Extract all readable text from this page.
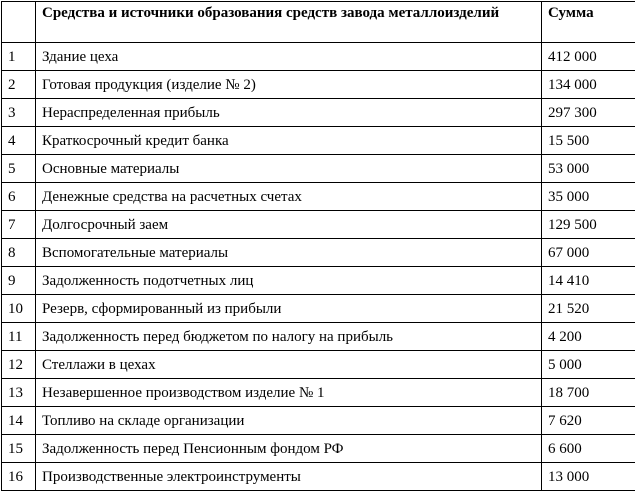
	Средства и источники образования средств завода металлоизделий	Сумма
1	Здание цеха	412 000
2	Готовая продукция (изделие № 2)	134 000
3	Нераспределенная прибыль	297 300
4	Краткосрочный кредит банка	15 500
5	Основные материалы	53 000
6	Денежные средства на расчетных счетах	35 000
7	Долгосрочный заем	129 500
8	Вспомогательные материалы	67 000
9	Задолженность подотчетных лиц	14 410
10	Резерв, сформированный из прибыли	21 520
11	Задолженность перед бюджетом по налогу на прибыль	4 200
12	Стеллажи в цехах	5 000
13	Незавершенное производством изделие № 1	18 700
14	Топливо на складе организации	7 620
15	Задолженность перед Пенсионным фондом РФ	6 600
16	Производственные электроинструменты	13 000
